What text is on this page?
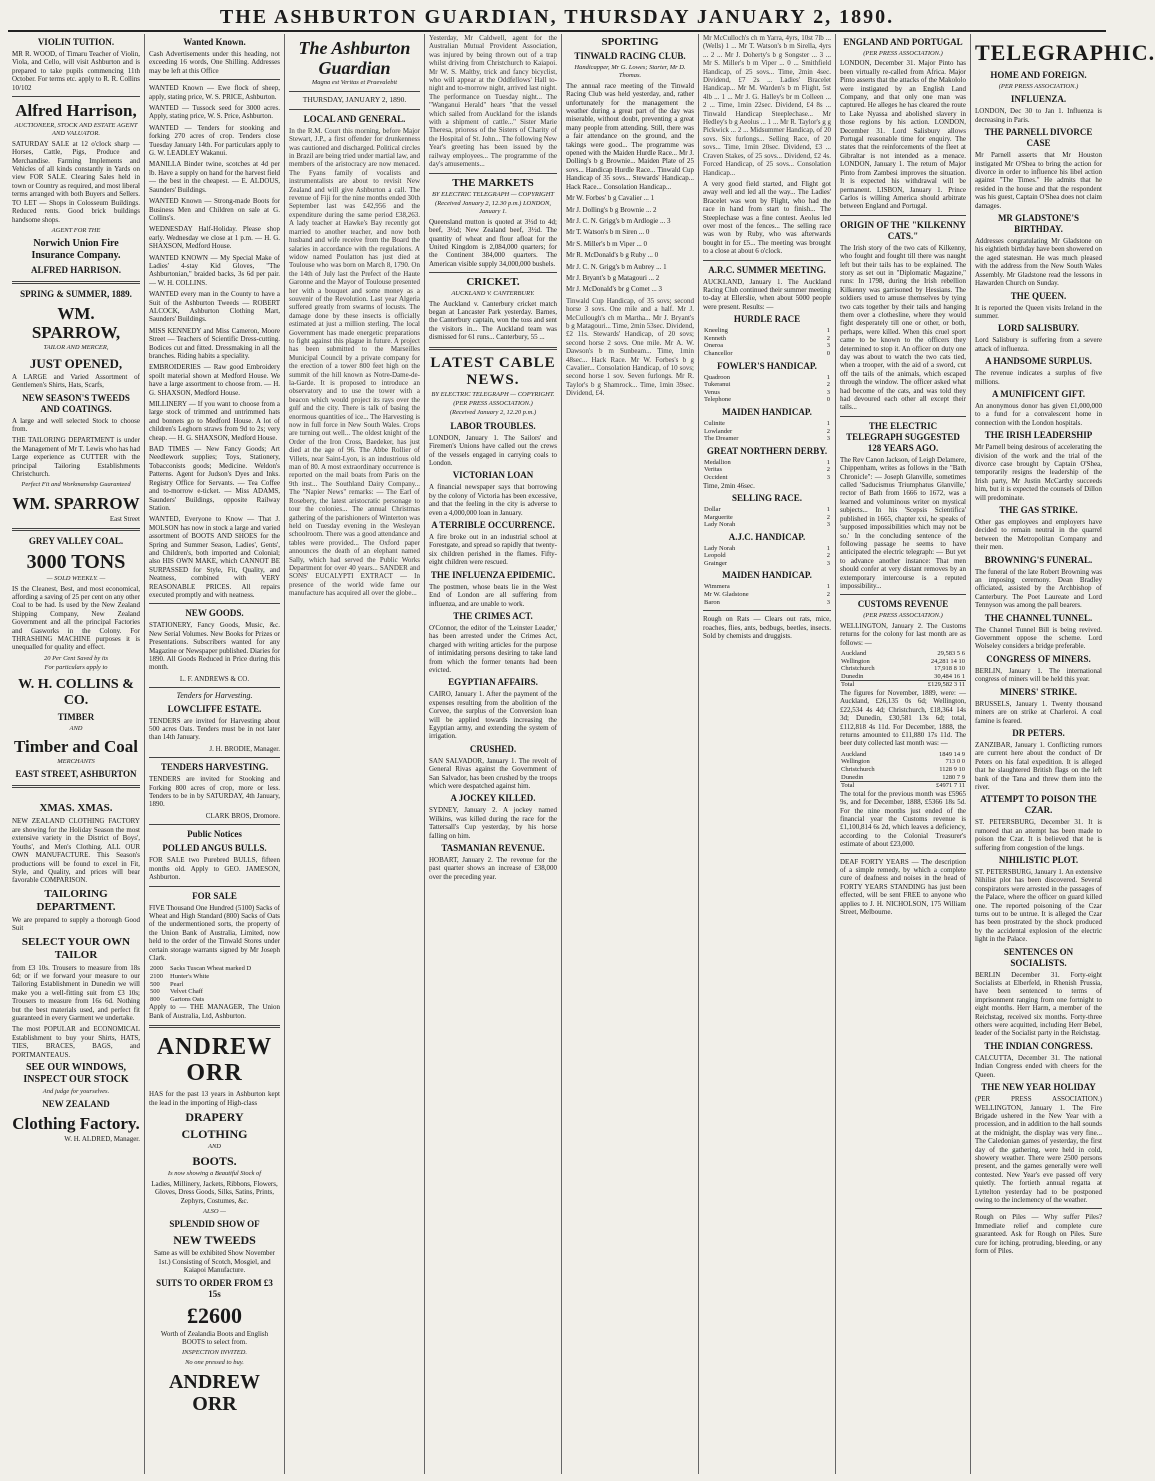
THE ASHBURTON GUARDIAN, THURSDAY JANUARY 2, 1890.
VIOLIN TUITION.
MR R. WOOD, of Timaru Teacher of Violin, Viola, and Cello, will visit Ashburton and is prepared to take pupils commencing 11th October. For terms etc. apply to R. R. Collins 10/102
Alfred Harrison,
AUCTIONEER, STOCK AND ESTATE AGENT AND VALUATOR.
SATURDAY SALE at 12 o'clock sharp — Horses, Cattle, Pigs, Produce and Merchandise. Farming Implements and Vehicles of all kinds constantly in Yards on view FOR SALE. Clearing Sales held in town or Country as required, and most liberal terms arranged with both Buyers and Sellers. TO LET — Shops in Colosseum Buildings. Reduced rents. Good brick buildings handsome shops.
AGENT FOR THE
Norwich Union Fire Insurance Company.
ALFRED HARRISON.
SPRING & SUMMER, 1889.
WM. SPARROW,
TAILOR AND MERCER,
JUST OPENED,
A LARGE and Varied Assortment of Gentlemen's Shirts, Hats, Scarfs,
NEW SEASON'S TWEEDS AND COATINGS.
A large and well selected Stock to choose from.
THE TAILORING DEPARTMENT is under the Management of Mr T. Lewis who has had Large experience as CUTTER with the principal Tailoring Establishments Christchurch.
Perfect Fit and Workmanship Guaranteed
WM. SPARROW
East Street
GREY VALLEY COAL.
3000 TONS
— SOLD WEEKLY. —
IS the Cleanest, Best, and most economical, affording a saving of 25 per cent on any other Coal to be had. Is used by the New Zealand Shipping Company, New Zealand Government and all the principal Factories and Gasworks in the Colony. For THRASHING MACHINE purposes it is unequalled for quality and effect.
20 Per Cent Saved by its
For particulars apply to
W. H. COLLINS & CO.
TIMBER
AND
Timber and Coal
MERCHANTS
EAST STREET, ASHBURTON
XMAS. XMAS.
NEW ZEALAND CLOTHING FACTORY are showing for the Holiday Season the most extensive variety in the District of Boys', Youths', and Men's Clothing. ALL OUR OWN MANUFACTURE. This Season's productions will be found to excel in Fit, Style, and Quality, and prices will bear favorable COMPARISON.
TAILORING DEPARTMENT.
We are prepared to supply a thorough Good Suit
SELECT YOUR OWN TAILOR
from £3 10s. Trousers to measure from 18s 6d; or if we forward your measure to our Tailoring Establishment in Dunedin we will make you a well-fitting suit from £3 10s; Trousers to measure from 16s 6d. Nothing but the best materials used, and perfect fit guaranteed in every Garment we undertake.
The most POPULAR and ECONOMICAL Establishment to buy your Shirts, HATS, TIES, BRACES, BAGS, and PORTMANTEAUS.
SEE OUR WINDOWS, INSPECT OUR STOCK
And judge for yourselves.
NEW ZEALAND
Clothing Factory.
W. H. ALDRED, Manager.
Wanted Known.
Cash Advertisements under this heading, not exceeding 16 words, One Shilling. Addresses may be left at this Office
WANTED Known — Ewe flock of sheep, apply, stating price, W. S. PRICE, Ashburton.
WANTED — Tussock seed for 3000 acres. Apply, stating price, W. S. Price, Ashburton.
WANTED — Tenders for stooking and forking 270 acres of crop. Tenders close Tuesday January 14th. For particulars apply to G. W. LEADLEY Wakanui.
MANILLA Binder twine, scotches at 4d per lb. Have a supply on hand for the harvest field — the best in the cheapest. — E. ALDOUS, Saunders' Buildings.
WANTED Known — Strong-made Boots for Business Men and Children on sale at G. Collins's.
WEDNESDAY Half-Holiday. Please shop early. Wednesday we close at 1 p.m. — H. G. SHAXSON, Medford House.
WANTED KNOWN — My Special Make of Ladies' 4-stay Kid Gloves, "The Ashburtonian," braided backs, 3s 6d per pair. — W. H. COLLINS.
WANTED every man in the County to have a Suit of the Ashburton Tweeds — ROBERT ALCOCK, Ashburton Clothing Mart, Saunders' Buildings.
MISS KENNEDY and Miss Cameron, Moore Street — Teachers of Scientific Dress-cutting. Bodices cut and fitted. Dressmaking in all the branches. Riding habits a speciality.
EMBROIDERIES — Raw good Embroidery spoilt material shown at Medford House. We have a large assortment to choose from. — H. G. SHAXSON, Medford House.
MILLINERY — If you want to choose from a large stock of trimmed and untrimmed hats and bonnets go to Medford House. A lot of children's Leghorn straws from 9d to 2s; very cheap. — H. G. SHAXSON, Medford House.
BAD TIMES — New Fancy Goods; Art Needlework supplies; Toys, Stationery, Tobacconists goods; Medicine. Weldon's Patterns. Agent for Judson's Dyes and Inks. Registry Office for Servants. — Tea Coffee and to-morrow e-ticket. — Miss ADAMS, Saunders' Buildings, opposite Railway Station.
WANTED, Everyone to Know — That J. MOLSON has now in stock a large and varied assortment of BOOTS AND SHOES for the Spring and Summer Season, Ladies', Gents', and Children's, both imported and Colonial; also HIS OWN MAKE, which CANNOT BE SURPASSED for Style, Fit, Quality, and Neatness, combined with VERY REASONABLE PRICES. All repairs executed promptly and with neatness.
NEW GOODS.
STATIONERY, Fancy Goods, Music, &c. New Serial Volumes. New Books for Prizes or Presentations. Subscribers wanted for any Magazine or Newspaper published. Diaries for 1890. All Goods Reduced in Price during this month.
L. F. ANDREWS & CO.
Tenders for Harvesting.
LOWCLIFFE ESTATE.
TENDERS are invited for Harvesting about 500 acres Oats. Tenders must be in not later than 14th January.
J. H. BRODIE, Manager.
TENDERS HARVESTING.
TENDERS are invited for Stooking and Forking 800 acres of crop, more or less. Tenders to be in by SATURDAY, 4th January, 1890.
CLARK BROS, Dromore.
Public Notices
POLLED ANGUS BULLS.
FOR SALE two Purebred BULLS, fifteen months old. Apply to GEO. JAMESON, Ashburton.
FOR SALE
FIVE Thousand One Hundred (5100) Sacks of Wheat and High Standard (800) Sacks of Oats of the undermentioned sorts, the property of the Union Bank of Australia, Limited, now held to the order of the Tinwald Stores under certain storage warrants signed by Mr Joseph Clark.
2000	Sacks Tuscan Wheat marked D
2100	Hunter's White
500	Pearl
500	Velvet Chaff
800	Gartons Oats
Apply to — THE MANAGER, The Union Bank of Australia, Ltd, Ashburton.
ANDREW ORR
HAS for the past 13 years in Ashburton kept the lead in the importing of High-class
DRAPERY
CLOTHING
AND
BOOTS.
Is now showing a Beautiful Stock of
Ladies, Millinery, Jackets, Ribbons, Flowers, Gloves, Dress Goods, Silks, Satins, Prints, Zephyrs, Costumes, &c.
ALSO —
SPLENDID SHOW OF
NEW TWEEDS
Same as will be exhibited Show November 1st.) Consisting of Scotch, Mosgiel, and Kaiapoi Manufacture.
SUITS TO ORDER FROM £3 15s
£2600
Worth of Zealandia Boots and English BOOTS to select from.
INSPECTION INVITED.
No one pressed to buy.
ANDREW ORR
The Ashburton Guardian
Magna est Veritas et Praevalebit
THURSDAY, JANUARY 2, 1890.
LOCAL AND GENERAL.
In the R.M. Court this morning, before Major Stewart, J.P., a first offender for drunkenness was cautioned and discharged. Political circles in Brazil are being tried under martial law, and members of the aristocracy are now menaced. The Fyans family of vocalists and instrumentalists are about to revisit New Zealand and will give Ashburton a call. The revenue of Fiji for the nine months ended 30th September last was £42,956 and the expenditure during the same period £38,263. A lady teacher at Hawke's Bay recently got married to another teacher, and now both husband and wife receive from the Board the salaries in accordance with the regulations. A widow named Poulatton has just died at Toulouse who was born on March 8, 1790. On the 14th of July last the Prefect of the Haute Garonne and the Mayor of Toulouse presented her with a bouquet and some money as a souvenir of the Revolution. Last year Algeria suffered greatly from swarms of locusts. The damage done by these insects is officially estimated at just a million sterling. The local Government has made energetic preparations to fight against this plague in future. A project has been submitted to the Marseilles Municipal Council by a private company for the erection of a tower 800 feet high on the summit of the hill known as Notre-Dame-de-la-Garde. It is proposed to introduce an observatory and to use the tower with a beacon which would project its rays over the gulf and the city. There is talk of basing the enormous quantities of ice... The Harvesting is now in full force in New South Wales. Crops are turning out well... The oldest knight of the Order of the Iron Cross, Baedeker, has just died at the age of 96. The Abbe Rollier of Villets, near Saint-Lyon, is an industrious old man of 80. A most extraordinary occurrence is reported on the mail boats from Paris on the 9th inst... The Southland Dairy Company... The "Napier News" remarks: — The Earl of Rosebery, the latest aristocratic personage to tour the colonies... The annual Christmas gathering of the parishioners of Winterton was held on Tuesday evening in the Wesleyan schoolroom. There was a good attendance and tables were provided... The Oxford paper announces the death of an elephant named Sally, which had served the Public Works Department for over 40 years... SANDER and SONS' EUCALYPTI EXTRACT — In presence of the world wide fame our manufacture has acquired all over the globe...
Yesterday, Mr Caldwell, agent for the Australian Mutual Provident Association, was injured by being thrown out of a trap whilst driving from Christchurch to Kaiapoi. Mr W. S. Maltby, trick and fancy bicyclist, who will appear at the Oddfellows' Hall to-night and to-morrow night, arrived last night. The performance on Tuesday night... The "Wanganui Herald" hears "that the vessel which sailed from Auckland for the islands with a shipment of cattle..." Sister Marie Theresa, prioress of the Sisters of Charity of the Hospital of St. John... The following New Year's greeting has been issued by the railway employees... The programme of the day's amusements...
THE MARKETS
BY ELECTRIC TELEGRAPH — COPYRIGHT
(Received January 2, 12.30 p.m.) LONDON, January 1.
Queensland mutton is quoted at 3½d to 4d; beef, 3½d; New Zealand beef, 3½d. The quantity of wheat and flour afloat for the United Kingdom is 2,084,000 quarters; for the Continent 384,000 quarters. The American visible supply 34,000,000 bushels.
CRICKET.
AUCKLAND V. CANTERBURY.
The Auckland v. Canterbury cricket match began at Lancaster Park yesterday. Barnes, the Canterbury captain, won the toss and sent the visitors in... The Auckland team was dismissed for 61 runs... Canterbury, 55 ...
LATEST CABLE NEWS.
BY ELECTRIC TELEGRAPH — COPYRIGHT.
(PER PRESS ASSOCIATION.)
(Received January 2, 12.20 p.m.)
LABOR TROUBLES.
LONDON, January 1. The Sailors' and Firemen's Unions have called out the crews of the vessels engaged in carrying coals to London.
VICTORIAN LOAN
A financial newspaper says that borrowing by the colony of Victoria has been excessive, and that the feeling in the city is adverse to even a 4,000,000 loan in January.
A TERRIBLE OCCURRENCE.
A fire broke out in an industrial school at Forestgate, and spread so rapidly that twenty-six children perished in the flames. Fifty-eight children were rescued.
THE INFLUENZA EPIDEMIC.
The postmen, whose beats lie in the West End of London are all suffering from influenza, and are unable to work.
THE CRIMES ACT.
O'Connor, the editor of the 'Leinster Leader,' has been arrested under the Crimes Act, charged with writing articles for the purpose of intimidating persons desiring to take land from which the former tenants had been evicted.
EGYPTIAN AFFAIRS.
CAIRO, January 1. After the payment of the expenses resulting from the abolition of the Corvee, the surplus of the Conversion loan will be applied towards increasing the Egyptian army, and extending the system of irrigation.
CRUSHED.
SAN SALVADOR, January 1. The revolt of General Rivas against the Government of San Salvador, has been crushed by the troops which were despatched against him.
A JOCKEY KILLED.
SYDNEY, January 2. A jockey named Wilkins, was killed during the race for the Tattersall's Cup yesterday, by his horse falling on him.
TASMANIAN REVENUE.
HOBART, January 2. The revenue for the past quarter shows an increase of £38,000 over the preceding year.
SPORTING
TINWALD RACING CLUB.
Handicapper, Mr G. Lowes; Starter, Mr D. Thomas.
The annual race meeting of the Tinwald Racing Club was held yesterday, and, rather unfortunately for the management the weather during a great part of the day was miserable, without doubt, preventing a great many people from attending. Still, there was a fair attendance on the ground, and the takings were good... The programme was opened with the Maiden Hurdle Race... Mr J. Dolling's b g Brownie... Maiden Plate of 25 sovs... Handicap Hurdle Race... Tinwald Cup Handicap of 35 sovs... Stewards' Handicap... Hack Race... Consolation Handicap...
Mr W. Forbes' b g Cavalier ... 1
Mr J. Dolling's b g Brownie ... 2
Mr J. C. N. Grigg's b m Ardlogie ... 3
Mr T. Watson's b m Siren ... 0
Mr S. Miller's b m Viper ... 0
Mr R. McDonald's b g Ruby ... 0
Mr J. C. N. Grigg's b m Aubrey ... 1
Mr J. Bryant's b g Matagouri ... 2
Mr J. McDonald's br g Comet ... 3
Tinwald Cup Handicap, of 35 sovs; second horse 3 sovs. One mile and a half. Mr J. McCullough's ch m Martha... Mr J. Bryant's b g Matagouri... Time, 2min 53sec. Dividend, £2 11s. Stewards' Handicap, of 20 sovs; second horse 2 sovs. One mile. Mr A. W. Dawson's b m Sunbeam... Time, 1min 48sec... Hack Race. Mr W. Forbes's b g Cavalier... Consolation Handicap, of 10 sovs; second horse 1 sov. Seven furlongs. Mr R. Taylor's b g Shamrock... Time, 1min 39sec. Dividend, £4.
Mr McCulloch's ch m Yarra, 4yrs, 10st 7lb ... (Wells) 1 ... Mr T. Watson's b m Sirella, 4yrs ... 2 ... Mr J. Doherty's b g Songster ... 3 ... Mr S. Miller's b m Viper ... 0 ... Smithfield Handicap, of 25 sovs... Time, 2min 4sec. Dividend, £7 2s ... Ladies' Bracelet Handicap... Mr M. Warden's b m Flight, 5st 4lb ... 1 ... Mr J. G. Halley's br m Colleen ... 2 ... Time, 1min 22sec. Dividend, £4 8s ... Tinwald Handicap Steeplechase... Mr Hedley's b g Aeolus ... 1 ... Mr R. Taylor's g g Pickwick ... 2 ... Midsummer Handicap, of 20 sovs. Six furlongs... Selling Race, of 20 sovs... Time, 1min 20sec. Dividend, £3 ... Craven Stakes, of 25 sovs... Dividend, £2 4s. Forced Handicap, of 25 sovs... Consolation Handicap...
A very good field started, and Flight got away well and led all the way... The Ladies' Bracelet was won by Flight, who had the race in hand from start to finish... The Steeplechase was a fine contest. Aeolus led over most of the fences... The selling race was won by Ruby, who was afterwards bought in for £5... The meeting was brought to a close at about 6 o'clock.
A.R.C. SUMMER MEETING.
AUCKLAND, January 1. The Auckland Racing Club continued their summer meeting to-day at Ellerslie, when about 5000 people were present. Results: —
HURDLE RACE
Kneeling	1
Kenneth	2
Oneroa	3
Chancellor	0
FOWLER'S HANDICAP.
Quadroon	1
Tukeranui	2
Venus	3
Telephone	0
MAIDEN HANDICAP.
Culinite	1
Lowlander	2
The Dreamer	3
GREAT NORTHERN DERBY.
Medallion	1
Veritas	2
Occident	3
Time, 2min 46sec.
SELLING RACE.
Dollar	1
Marguerite	2
Lady Norah	3
A.J.C. HANDICAP.
Lady Norah	1
Leopold	2
Grainger	3
MAIDEN HANDICAP.
Wimmera	1
Mr W. Gladstone	2
Baron	3
Rough on Rats — Clears out rats, mice, roaches, flies, ants, bedbugs, beetles, insects. Sold by chemists and druggists.
ENGLAND AND PORTUGAL
(PER PRESS ASSOCIATION.)
LONDON, December 31. Major Pinto has been virtually re-called from Africa. Major Pinto asserts that the attacks of the Makololo were instigated by an English Land Company, and that only one man was captured. He alleges he has cleared the route to Lake Nyassa and abolished slavery in those regions by his action. LONDON, December 31. Lord Salisbury allows Portugal reasonable time for enquiry. The states that the reinforcements of the fleet at Gibraltar is not intended as a menace. LONDON, January 1. The return of Major Pinto from Zambesi improves the situation. It is expected his withdrawal will be permanent. LISBON, January 1. Prince Carlos is willing America should arbitrate between England and Portugal.
ORIGIN OF THE "KILKENNY CATS."
The Irish story of the two cats of Kilkenny, who fought and fought till there was naught left but their tails has to be explained. The story as set out in "Diplomatic Magazine," runs: In 1798, during the Irish rebellion Kilkenny was garrisoned by Hessians. The soldiers used to amuse themselves by tying two cats together by their tails and hanging them over a clothesline, where they would fight desperately till one or other, or both, perhaps, were killed. When this cruel sport came to be known to the officers they determined to stop it. An officer on duty one day was about to watch the two cats tied, when a trooper, with the aid of a sword, cut off the tails of the animals, which escaped through the window. The officer asked what had become of the cats, and was told they had devoured each other all except their tails...
THE ELECTRIC TELEGRAPH SUGGESTED 128 YEARS AGO.
The Rev Canon Jackson, of Leigh Delamere, Chippenham, writes as follows in the "Bath Chronicle": — Joseph Glanville, sometimes called 'Saducismus Triumphatus Glanville,' rector of Bath from 1666 to 1672, was a learned and voluminous writer on mystical subjects... In his 'Scepsis Scientifica' published in 1665, chapter xxi, he speaks of 'supposed impossibilities which may not be so.' In the concluding sentence of the following passage he seems to have anticipated the electric telegraph: — But yet to advance another instance: That men should confer at very distant removes by an extemporary intercourse is a reputed impossibility...
CUSTOMS REVENUE
(PER PRESS ASSOCIATION.)
WELLINGTON, January 2. The Customs returns for the colony for last month are as follows: —
Auckland	29,583 5 6
Wellington	24,281 14 10
Christchurch	17,918 8 10
Dunedin	30,484 16 1
Total	£129,582 3 11
The figures for November, 1889, were: — Auckland, £26,135 0s 6d; Wellington, £22,534 4s 4d; Christchurch, £18,364 14s 3d; Dunedin, £30,581 13s 6d; total, £112,818 4s 11d. For December, 1888, the returns amounted to £11,880 17s 11d. The beer duty collected last month was: —
Auckland	1849 14 9
Wellington	713 0 0
Christchurch	1128 9 10
Dunedin	1280 7 9
Total	£4971 7 11
The total for the previous month was £5965 9s, and for December, 1888, £5366 18s 5d. For the nine months just ended of the financial year the Customs revenue is £1,100,814 6s 2d, which leaves a deficiency, according to the Colonial Treasurer's estimate of about £23,000.
DEAF FORTY YEARS — The description of a simple remedy, by which a complete cure of deafness and noises in the head of FORTY YEARS STANDING has just been effected, will be sent FREE to anyone who applies to J. H. NICHOLSON, 175 William Street, Melbourne.
TELEGRAPHIC.
HOME AND FOREIGN.
(PER PRESS ASSOCIATION.)
INFLUENZA.
LONDON, Dec 30 to Jan 1. Influenza is decreasing in Paris.
THE PARNELL DIVORCE CASE
Mr Parnell asserts that Mr Houston instigated Mr O'Shea to bring the action for divorce in order to influence his libel action against "The Times." He admits that he resided in the house and that the respondent was his guest, Captain O'Shea does not claim damages.
MR GLADSTONE'S BIRTHDAY.
Addresses congratulating Mr Gladstone on his eightieth birthday have been showered on the aged statesman. He was much pleased with the address from the New South Wales Assembly. Mr Gladstone read the lessons in Hawarden Church on Sunday.
THE QUEEN.
It is reported the Queen visits Ireland in the summer.
LORD SALISBURY.
Lord Salisbury is suffering from a severe attack of influenza.
A HANDSOME SURPLUS.
The revenue indicates a surplus of five millions.
A MUNIFICENT GIFT.
An anonymous donor has given £1,000,000 to a fund for a convalescent home in connection with the London hospitals.
THE IRISH LEADERSHIP
Mr Parnell being desirous of accelerating the division of the work and the trial of the divorce case brought by Captain O'Shea, temporarily resigns the leadership of the Irish party, Mr Justin McCarthy succeeds him, but it is expected the counsels of Dillon will predominate.
THE GAS STRIKE.
Other gas employees and employers have decided to remain neutral in the quarrel between the Metropolitan Company and their men.
BROWNING'S FUNERAL.
The funeral of the late Robert Browning was an imposing ceremony. Dean Bradley officiated, assisted by the Archbishop of Canterbury. The Poet Laureate and Lord Tennyson was among the pall bearers.
THE CHANNEL TUNNEL.
The Channel Tunnel Bill is being revived. Government oppose the scheme. Lord Wolseley considers a bridge preferable.
CONGRESS OF MINERS.
BERLIN, January 1. The international congress of miners will be held this year.
MINERS' STRIKE.
BRUSSELS, January 1. Twenty thousand miners are on strike at Charleroi. A coal famine is feared.
DR PETERS.
ZANZIBAR, January 1. Conflicting rumors are current here about the conduct of Dr Peters on his fatal expedition. It is alleged that he slaughtered British flags on the left bank of the Tana and threw them into the river.
ATTEMPT TO POISON THE CZAR.
ST. PETERSBURG, December 31. It is rumored that an attempt has been made to poison the Czar. It is believed that he is suffering from congestion of the lungs.
NIHILISTIC PLOT.
ST. PETERSBURG, January 1. An extensive Nihilist plot has been discovered. Several conspirators were arrested in the passages of the Palace, where the officer on guard killed one. The reported poisoning of the Czar turns out to be untrue. It is alleged the Czar has been prostrated by the shock produced by the accidental explosion of the electric light in the Palace.
SENTENCES ON SOCIALISTS.
BERLIN December 31. Forty-eight Socialists at Elberfeld, in Rhenish Prussia, have been sentenced to terms of imprisonment ranging from one fortnight to eight months. Herr Harm, a member of the Reichstag, received six months. Forty-three others were acquitted, including Herr Bebel, leader of the Socialist party in the Reichstag.
THE INDIAN CONGRESS.
CALCUTTA, December 31. The national Indian Congress ended with cheers for the Queen.
THE NEW YEAR HOLIDAY
(PER PRESS ASSOCIATION.) WELLINGTON, January 1. The Fire Brigade ushered in the New Year with a procession, and in addition to the hall sounds at the midnight, the display was very fine... The Caledonian games of yesterday, the first day of the gathering, were held in cold, showery weather. There were 2500 persons present, and the games generally were well contested. New Year's eve passed off very quietly. The fortieth annual regatta at Lyttelton yesterday had to be postponed owing to the inclemency of the weather.
Rough on Piles — Why suffer Piles? Immediate relief and complete cure guaranteed. Ask for Rough on Piles. Sure cure for itching, protruding, bleeding, or any form of Piles.
